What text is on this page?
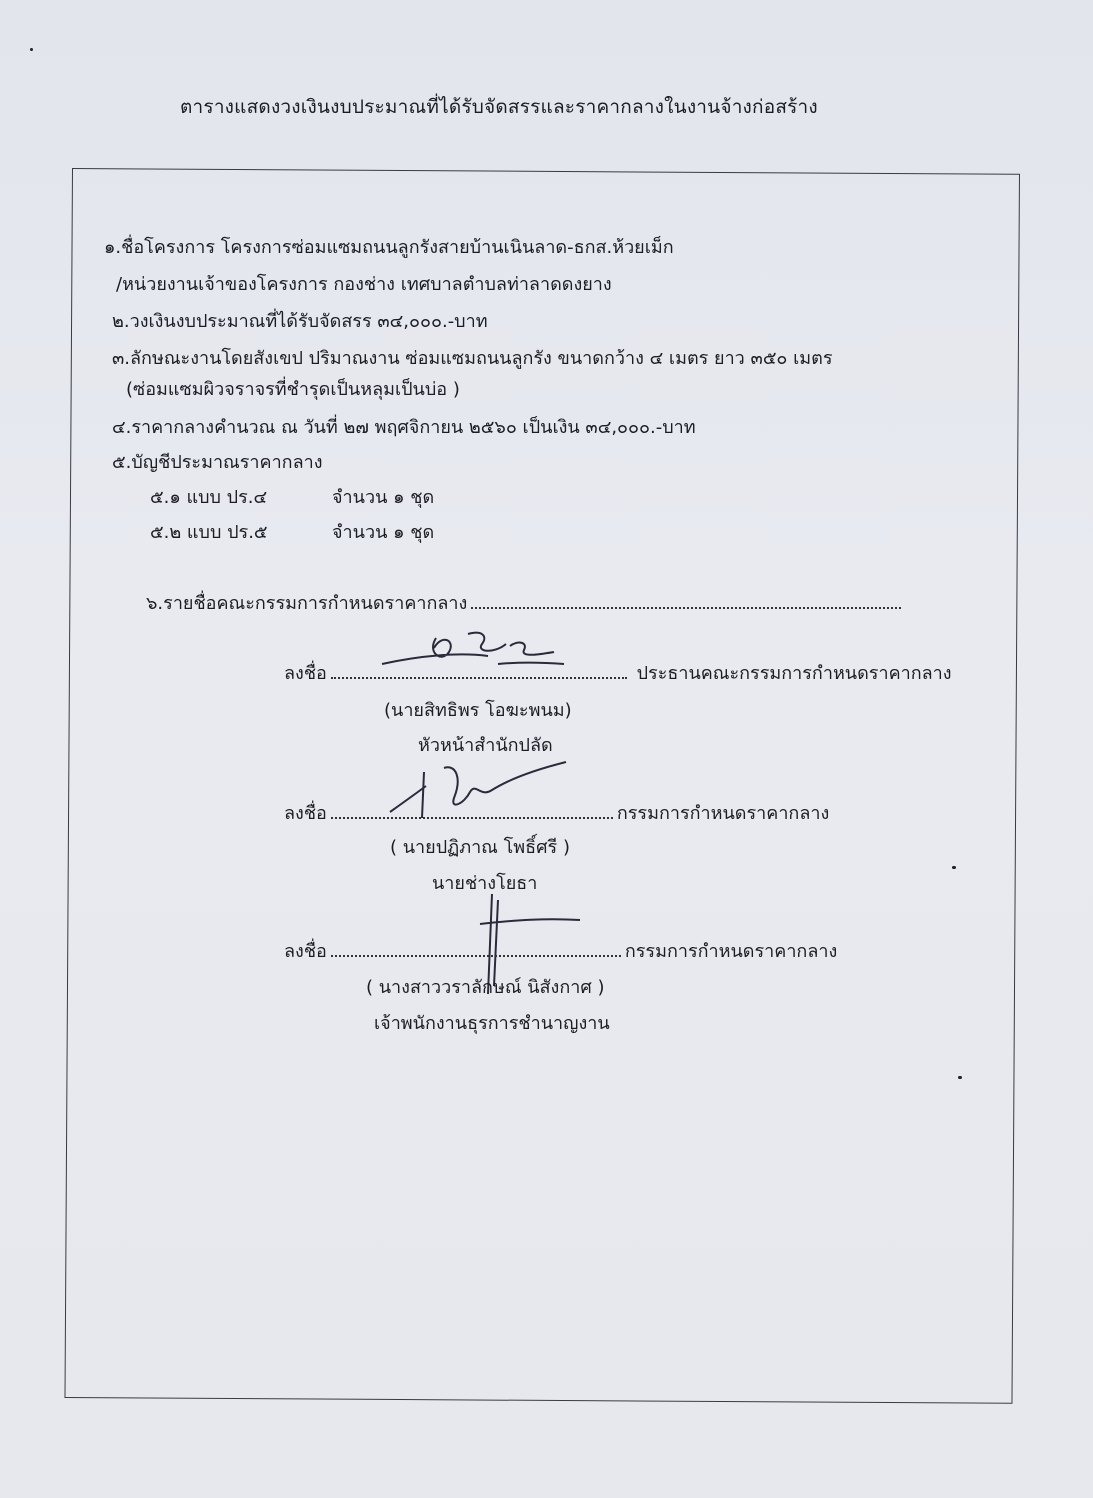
ตารางแสดงวงเงินงบประมาณที่ได้รับจัดสรรและราคากลางในงานจ้างก่อสร้าง
๑.ชื่อโครงการ โครงการซ่อมแซมถนนลูกรังสายบ้านเนินลาด-ธกส.ห้วยเม็ก
/หน่วยงานเจ้าของโครงการ กองช่าง เทศบาลตำบลท่าลาดดงยาง
๒.วงเงินงบประมาณที่ได้รับจัดสรร ๓๔,๐๐๐.-บาท
๓.ลักษณะงานโดยสังเขป ปริมาณงาน ซ่อมแซมถนนลูกรัง ขนาดกว้าง ๔ เมตร ยาว ๓๕๐ เมตร
(ซ่อมแซมผิวจราจรที่ชำรุดเป็นหลุมเป็นบ่อ )
๔.ราคากลางคำนวณ ณ วันที่ ๒๗ พฤศจิกายน ๒๕๖๐ เป็นเงิน ๓๔,๐๐๐.-บาท
๕.บัญชีประมาณราคากลาง
๕.๑ แบบ ปร.๔	จำนวน ๑ ชุด
๕.๒ แบบ ปร.๕	จำนวน ๑ ชุด
๖.รายชื่อคณะกรรมการกำหนดราคากลาง
ลงชื่อ	ประธานคณะกรรมการกำหนดราคากลาง
(นายสิทธิพร โอฆะพนม)
หัวหน้าสำนักปลัด
ลงชื่อ	กรรมการกำหนดราคากลาง
( นายปฏิภาณ โพธิ์ศรี )
นายช่างโยธา
ลงชื่อ	กรรมการกำหนดราคากลาง
( นางสาววราลักษณ์ นิสังกาศ )
เจ้าพนักงานธุรการชำนาญงาน
